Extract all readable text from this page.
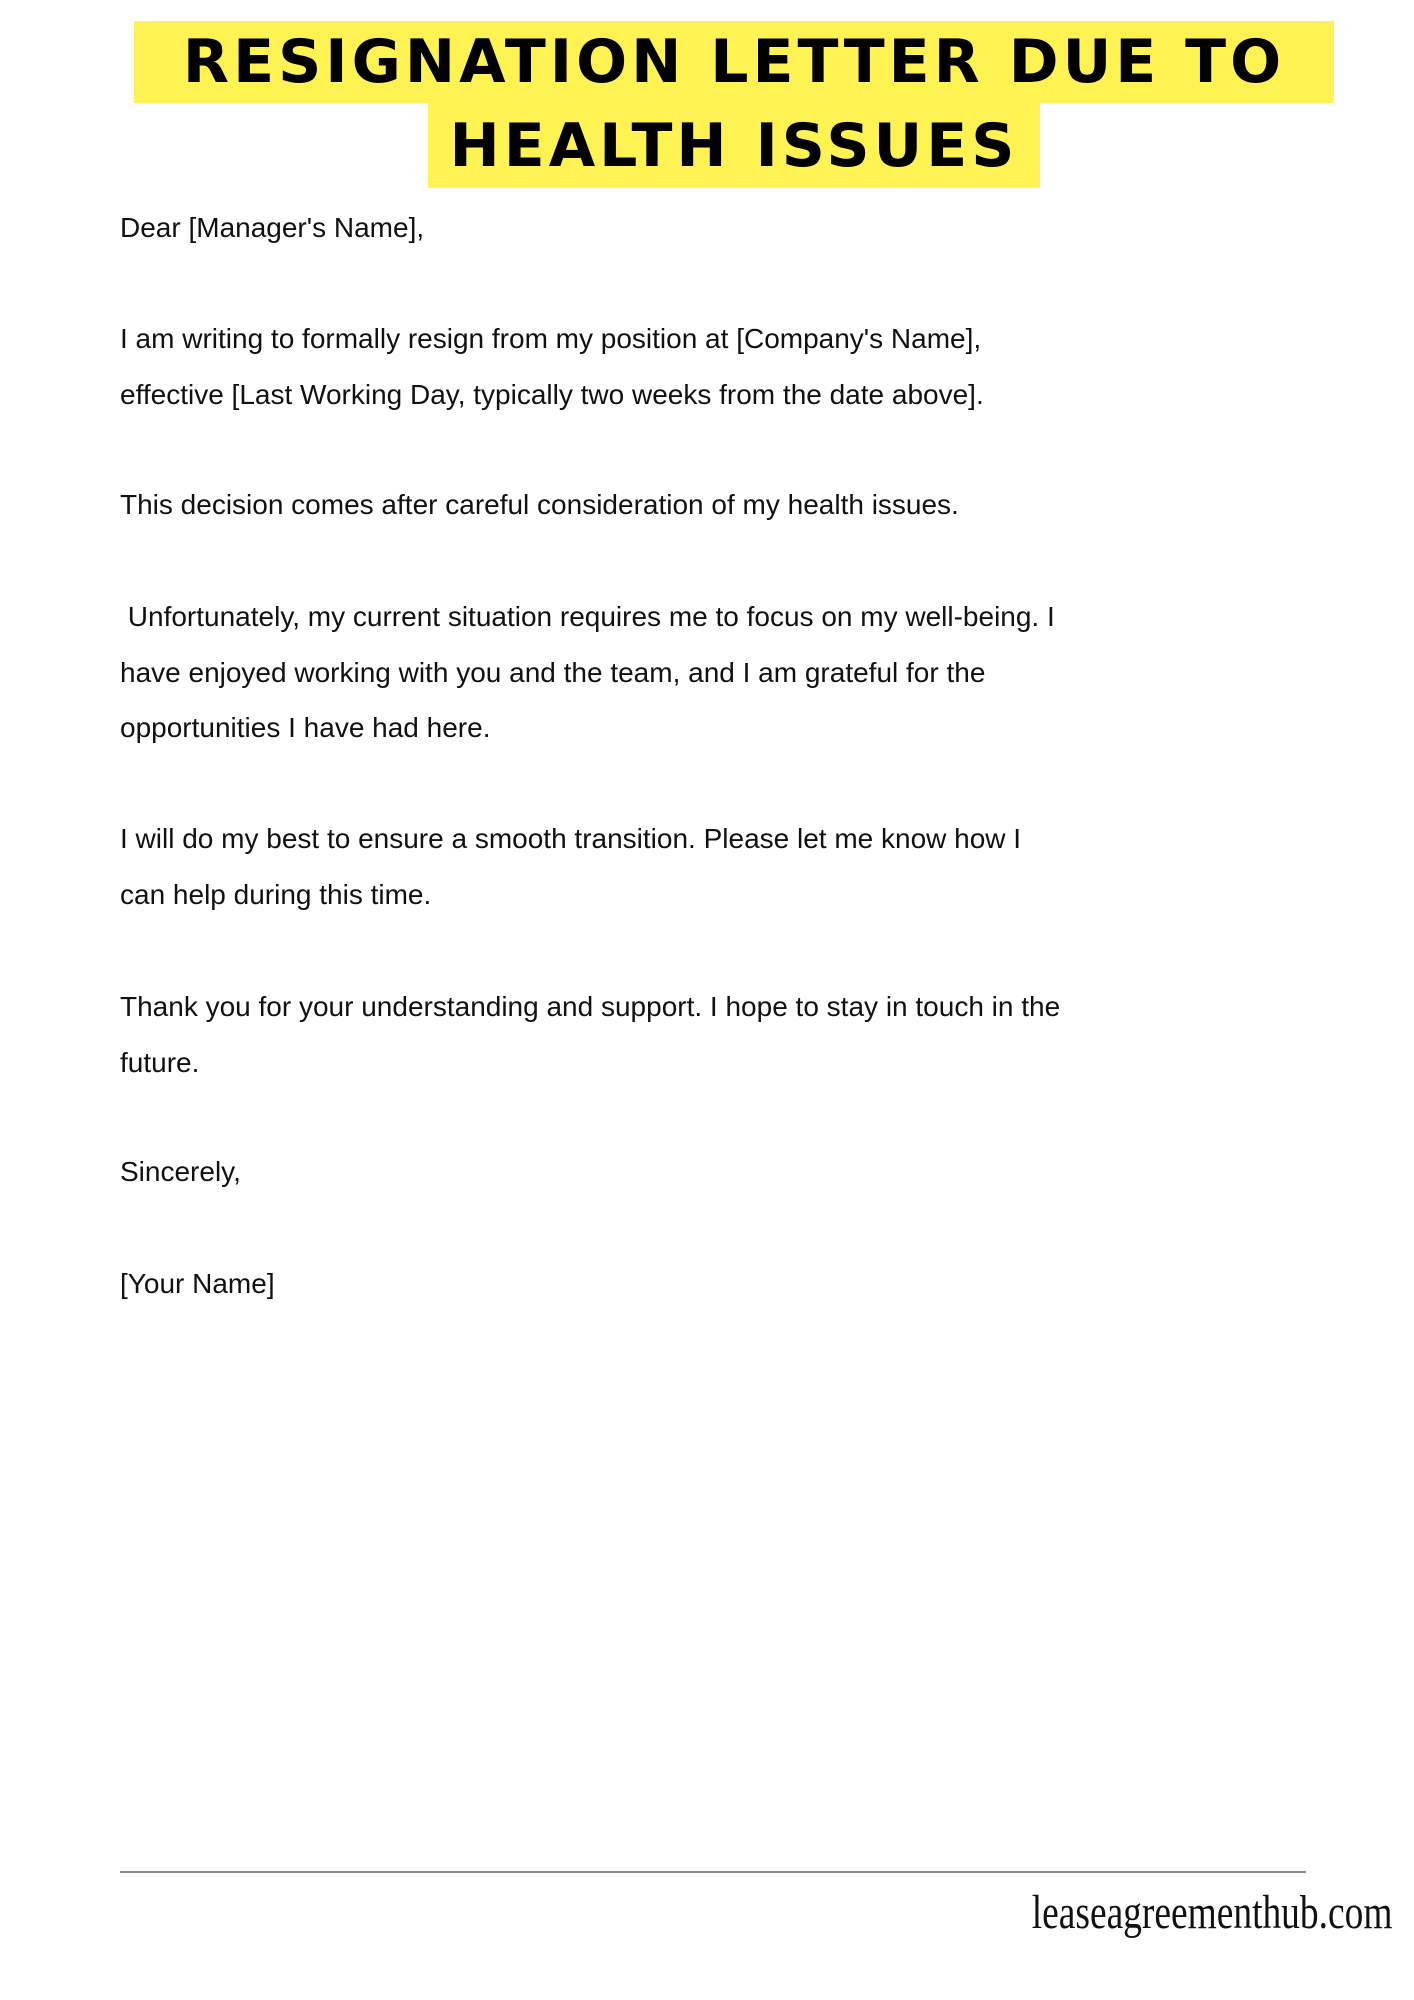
RESIGNATION LETTER DUE TO
HEALTH ISSUES
Dear [Manager's Name],
I am writing to formally resign from my position at [Company's Name],
effective [Last Working Day, typically two weeks from the date above].
This decision comes after careful consideration of my health issues.
Unfortunately, my current situation requires me to focus on my well-being. I
have enjoyed working with you and the team, and I am grateful for the
opportunities I have had here.
I will do my best to ensure a smooth transition. Please let me know how I
can help during this time.
Thank you for your understanding and support. I hope to stay in touch in the
future.
Sincerely,
[Your Name]
leaseagreementhub.com
